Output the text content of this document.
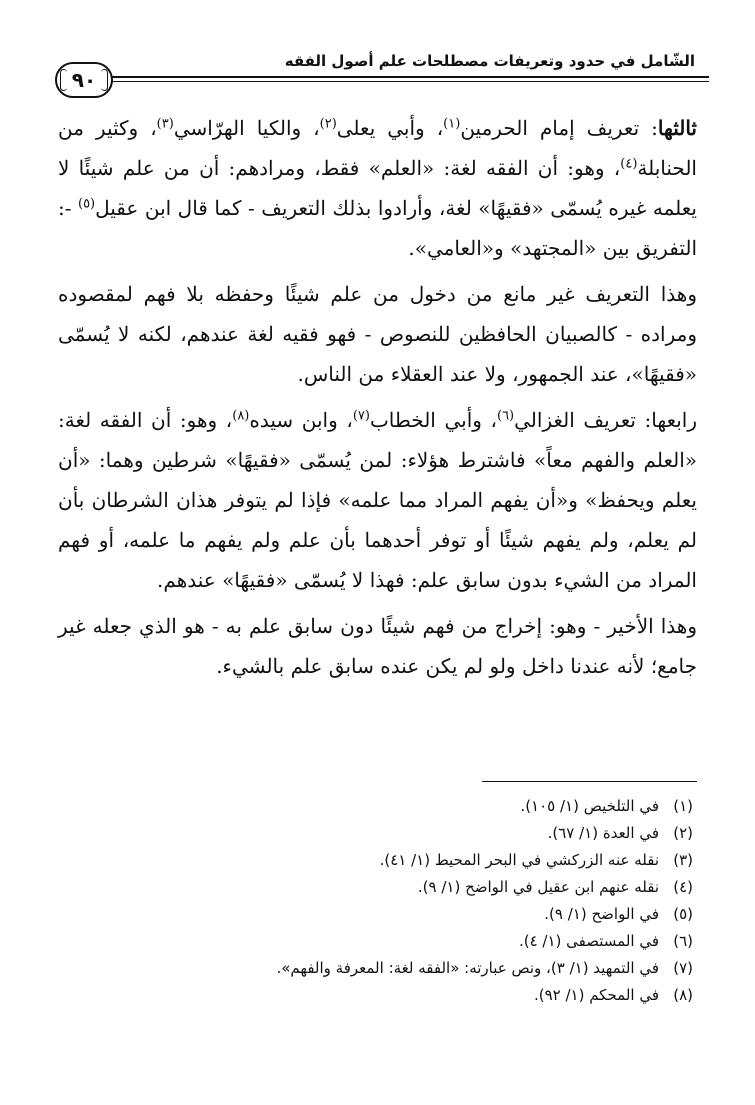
الشّامل في حدود وتعريفات مصطلحات علم أصول الفقه
٩٠

ثالثها: تعريف إمام الحرمين$^{(١)}$، وأبي يعلى$^{(٢)}$، والكيا الهرّاسي$^{(٣)}$، وكثير من الحنابلة$^{(٤)}$، وهو: أن الفقه لغة: «العلم» فقط، ومرادهم: أن من علم شيئًا لا يعلمه غيره يُسمّى «فقيهًا» لغة، وأرادوا بذلك التعريف - كما قال ابن عقيل$^{(٥)}$ -: التفريق بين «المجتهد» و«العامي».

وهذا التعريف غير مانع من دخول من علم شيئًا وحفظه بلا فهم لمقصوده ومراده - كالصبيان الحافظين للنصوص - فهو فقيه لغة عندهم، لكنه لا يُسمّى «فقيهًا»، عند الجمهور، ولا عند العقلاء من الناس.

رابعها: تعريف الغزالي$^{(٦)}$، وأبي الخطاب$^{(٧)}$، وابن سيده$^{(٨)}$، وهو: أن الفقه لغة: «العلم والفهم معاً» فاشترط هؤلاء: لمن يُسمّى «فقيهًا» شرطين وهما: «أن يعلم ويحفظ» و«أن يفهم المراد مما علمه» فإذا لم يتوفر هذان الشرطان بأن لم يعلم، ولم يفهم شيئًا أو توفر أحدهما بأن علم ولم يفهم ما علمه، أو فهم المراد من الشيء بدون سابق علم: فهذا لا يُسمّى «فقيهًا» عندهم.

وهذا الأخير - وهو: إخراج من فهم شيئًا دون سابق علم به - هو الذي جعله غير جامع؛ لأنه عندنا داخل ولو لم يكن عنده سابق علم بالشيء.

(١)
في التلخيص (١/ ١٠٥).
(٢)
في العدة (١/ ٦٧).
(٣)
نقله عنه الزركشي في البحر المحيط (١/ ٤١).
(٤)
نقله عنهم ابن عقيل في الواضح (١/ ٩).
(٥)
في الواضح (١/ ٩).
(٦)
في المستصفى (١/ ٤).
(٧)
في التمهيد (١/ ٣)، ونص عبارته: «الفقه لغة: المعرفة والفهم».
(٨)
في المحكم (١/ ٩٢).
